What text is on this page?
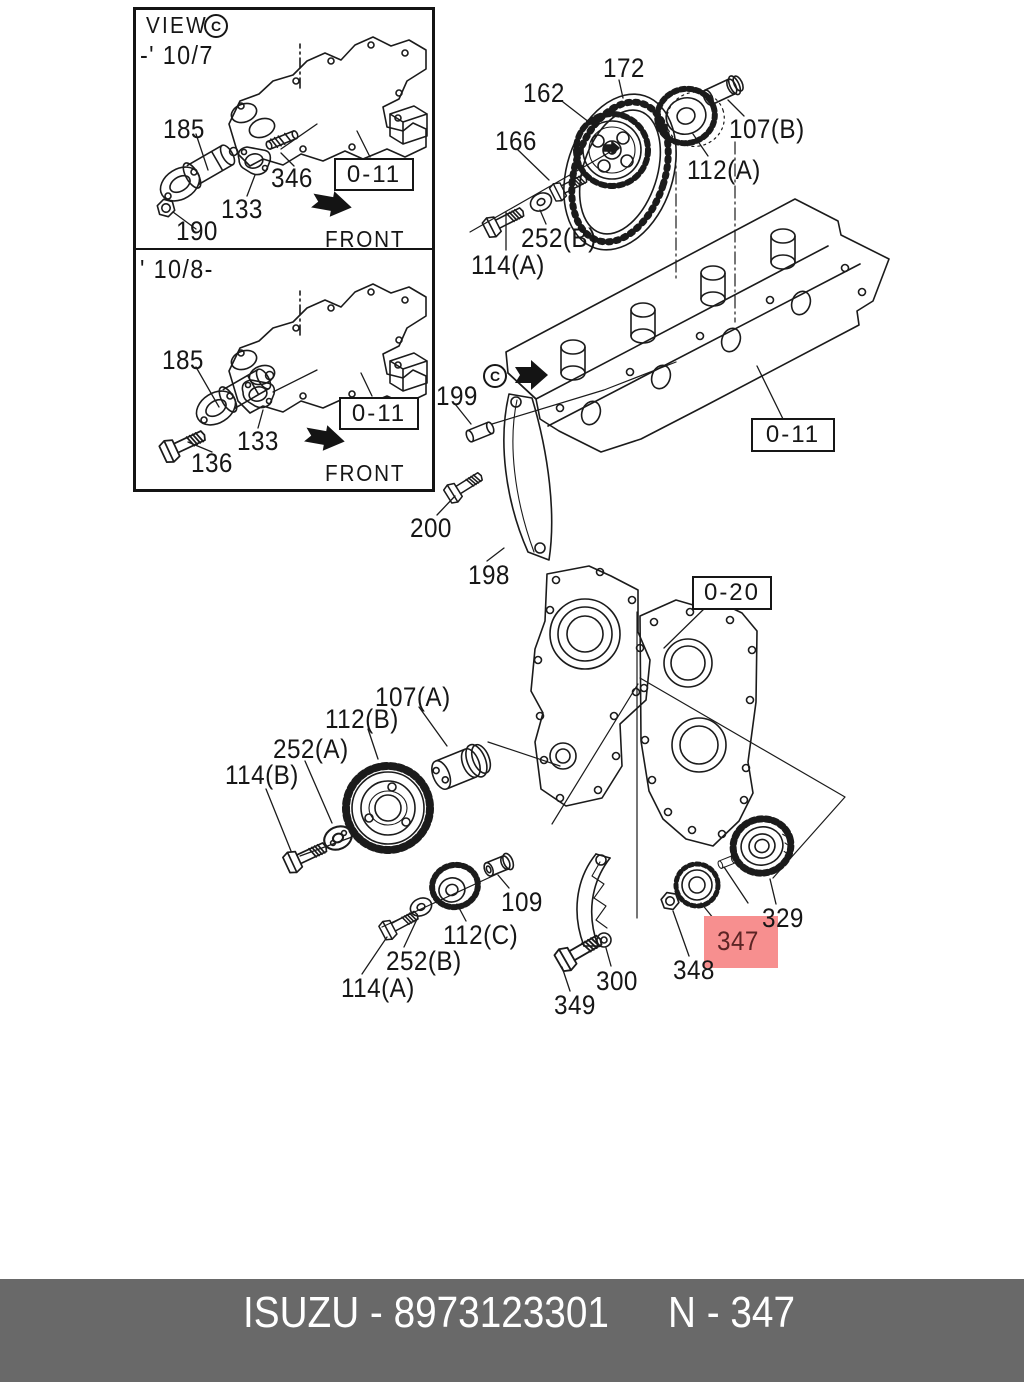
VIEW C
-' 10/7
185
346
133
190
0-11
FRONT
' 10/8-
185
133
136
0-11
FRONT
162
172
166	107(B)
112(A)
252(B)
114(A)
199
C
200
198
0-11
0-20
107(A)
112(B)
252(A)
114(B)
109
112(C)
252(B)
114(A)
349
300 348
347
329
ISUZU - 8973123301 N - 347
